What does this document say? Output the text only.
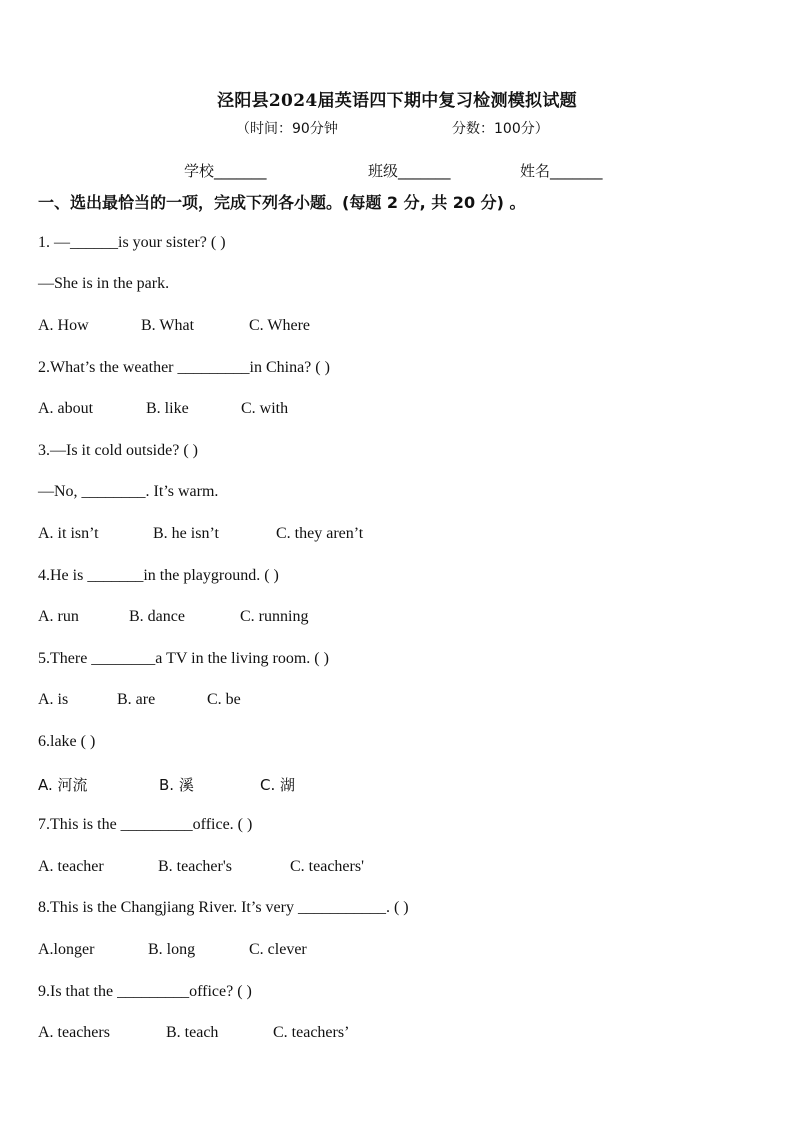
泾阳县2024届英语四下期中复习检测模拟试题
（时间：90分钟	分数：100分）
学校_______	班级_______	姓名_______
一、选出最恰当的一项，完成下列各小题。(每题 2 分, 共 20 分) 。
1. —______is your sister? ( )
—She is in the park.
A. How	B. What	C. Where
2.What’s the weather _________in China? ( )
A. about	B. like	C. with
3.—Is it cold outside? ( )
—No, ________. It’s warm.
A. it isn’t	B. he isn’t	C. they aren’t
4.He is _______in the playground. ( )
A. run	B. dance	C. running
5.There ________a TV in the living room. ( )
A. is	B. are	C. be
6.lake ( )
A. 河流	B. 溪	C. 湖
7.This is the _________office. ( )
A. teacher	B. teacher's	C. teachers'
8.This is the Changjiang River. It’s very ___________. ( )
A.longer	B. long	C. clever
9.Is that the _________office? ( )
A. teachers	B. teach	C. teachers’
